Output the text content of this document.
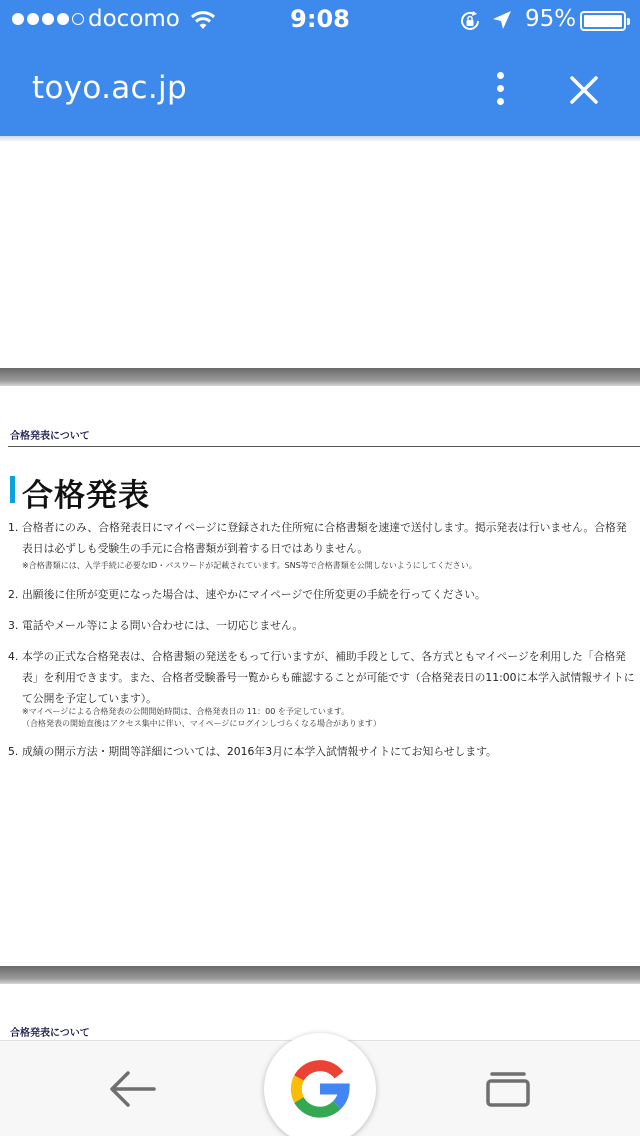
docomo	9:08	95%
toyo.ac.jp
合格発表について
合格発表
1. 合格者にのみ、合格発表日にマイページに登録された住所宛に合格書類を速達で送付します。掲示発表は行いません。合格発表日は必ずしも受験生の手元に合格書類が到着する日ではありません。
※合格書類には、入学手続に必要なID・パスワードが記載されています。SNS等で合格書類を公開しないようにしてください。
2. 出願後に住所が変更になった場合は、速やかにマイページで住所変更の手続を行ってください。
3. 電話やメール等による問い合わせには、一切応じません。
4. 本学の正式な合格発表は、合格書類の発送をもって行いますが、補助手段として、各方式ともマイページを利用した「合格発表」を利用できます。また、合格者受験番号一覧からも確認することが可能です（合格発表日の11:00に本学入試情報サイトにて公開を予定しています）。
※マイページによる合格発表の公開開始時間は、合格発表日の 11：00 を予定しています。
（合格発表の開始直後はアクセス集中に伴い、マイページにログインしづらくなる場合があります）
5. 成績の開示方法・期間等詳細については、2016年3月に本学入試情報サイトにてお知らせします。
合格発表について
